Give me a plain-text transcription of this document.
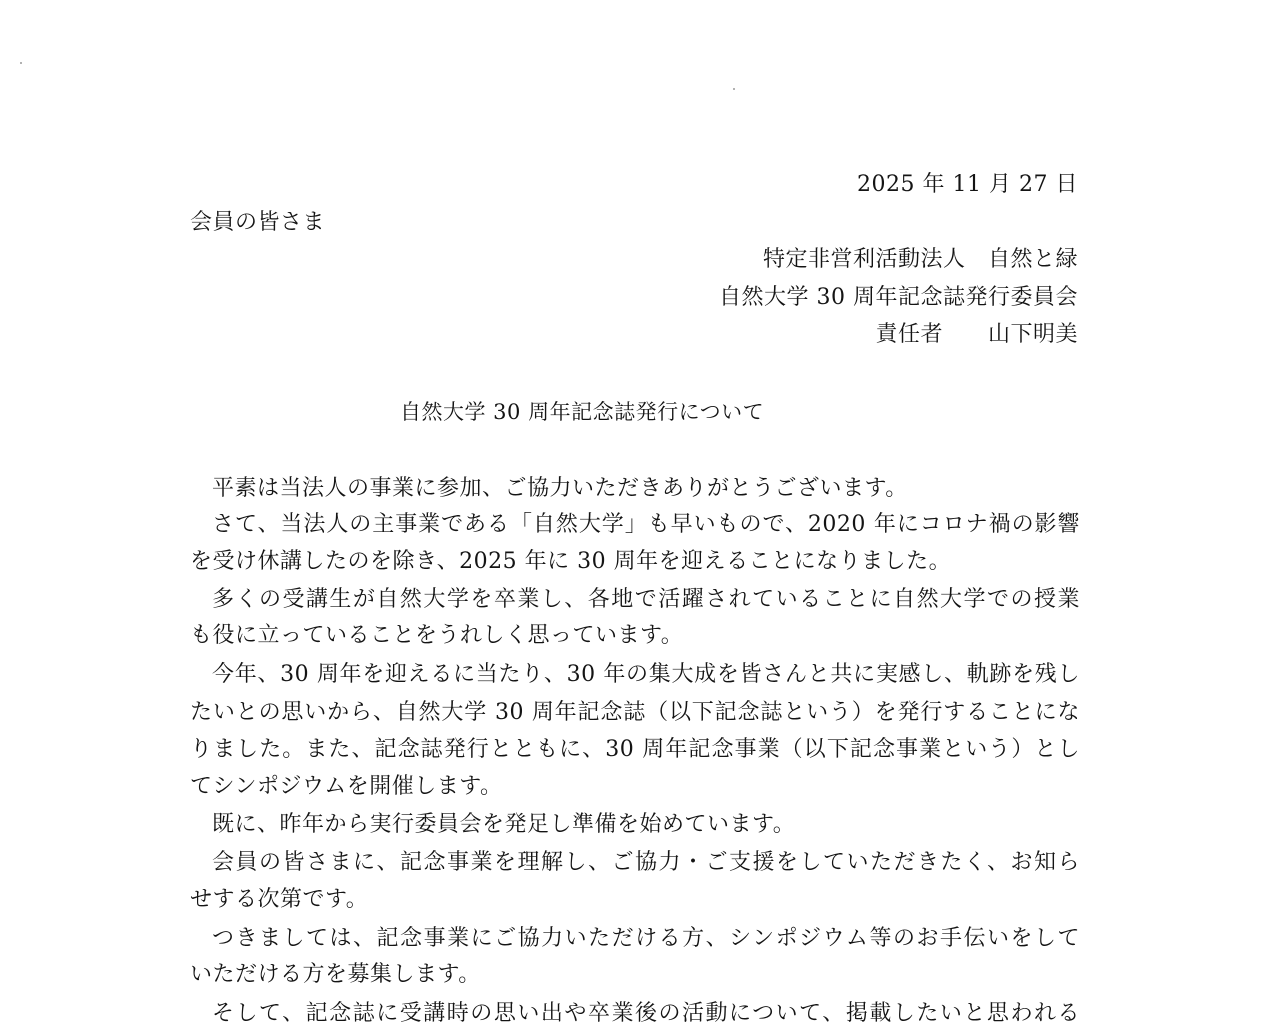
2025 年 11 月 27 日
会員の皆さま
特定非営利活動法人　自然と緑
自然大学 30 周年記念誌発行委員会
責任者　　山下明美
自然大学 30 周年記念誌発行について
平素は当法人の事業に参加、ご協力いただきありがとうございます。
さて、当法人の主事業である「自然大学」も早いもので、2020 年にコロナ禍の影響
を受け休講したのを除き、2025 年に 30 周年を迎えることになりました。
多くの受講生が自然大学を卒業し、各地で活躍されていることに自然大学での授業
も役に立っていることをうれしく思っています。
今年、30 周年を迎えるに当たり、30 年の集大成を皆さんと共に実感し、軌跡を残し
たいとの思いから、自然大学 30 周年記念誌（以下記念誌という）を発行することにな
りました。また、記念誌発行とともに、30 周年記念事業（以下記念事業という）とし
てシンポジウムを開催します。
既に、昨年から実行委員会を発足し準備を始めています。
会員の皆さまに、記念事業を理解し、ご協力・ご支援をしていただきたく、お知ら
せする次第です。
つきましては、記念事業にご協力いただける方、シンポジウム等のお手伝いをして
いただける方を募集します。
そして、記念誌に受講時の思い出や卒業後の活動について、掲載したいと思われる
